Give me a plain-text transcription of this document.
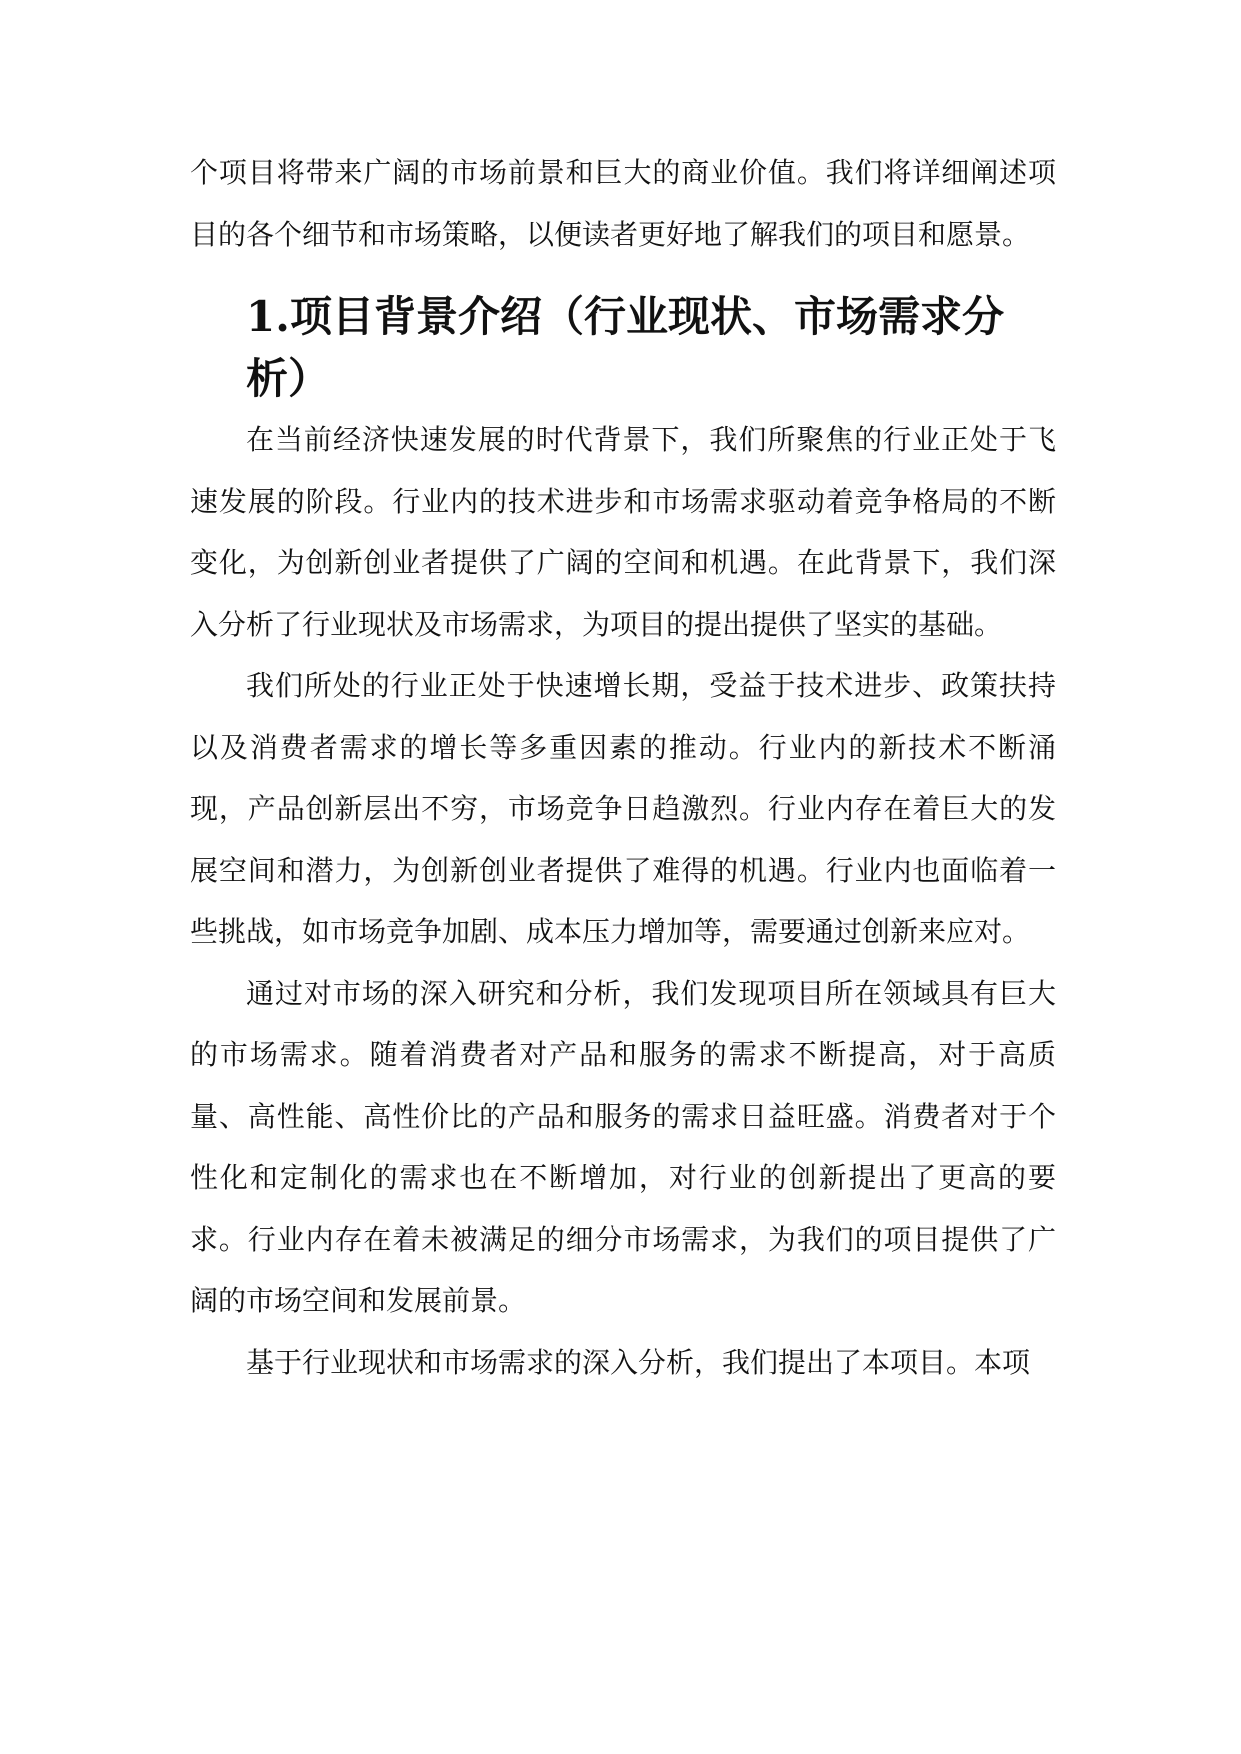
个项目将带来广阔的市场前景和巨大的商业价值。我们将详细阐述项目的各个细节和市场策略，以便读者更好地了解我们的项目和愿景。

1.项目背景介绍（行业现状、市场需求分析）

在当前经济快速发展的时代背景下，我们所聚焦的行业正处于飞速发展的阶段。行业内的技术进步和市场需求驱动着竞争格局的不断变化，为创新创业者提供了广阔的空间和机遇。在此背景下，我们深入分析了行业现状及市场需求，为项目的提出提供了坚实的基础。

我们所处的行业正处于快速增长期，受益于技术进步、政策扶持以及消费者需求的增长等多重因素的推动。行业内的新技术不断涌现，产品创新层出不穷，市场竞争日趋激烈。行业内存在着巨大的发展空间和潜力，为创新创业者提供了难得的机遇。行业内也面临着一些挑战，如市场竞争加剧、成本压力增加等，需要通过创新来应对。

通过对市场的深入研究和分析，我们发现项目所在领域具有巨大的市场需求。随着消费者对产品和服务的需求不断提高，对于高质量、高性能、高性价比的产品和服务的需求日益旺盛。消费者对于个性化和定制化的需求也在不断增加，对行业的创新提出了更高的要求。行业内存在着未被满足的细分市场需求，为我们的项目提供了广阔的市场空间和发展前景。

基于行业现状和市场需求的深入分析，我们提出了本项目。本项
